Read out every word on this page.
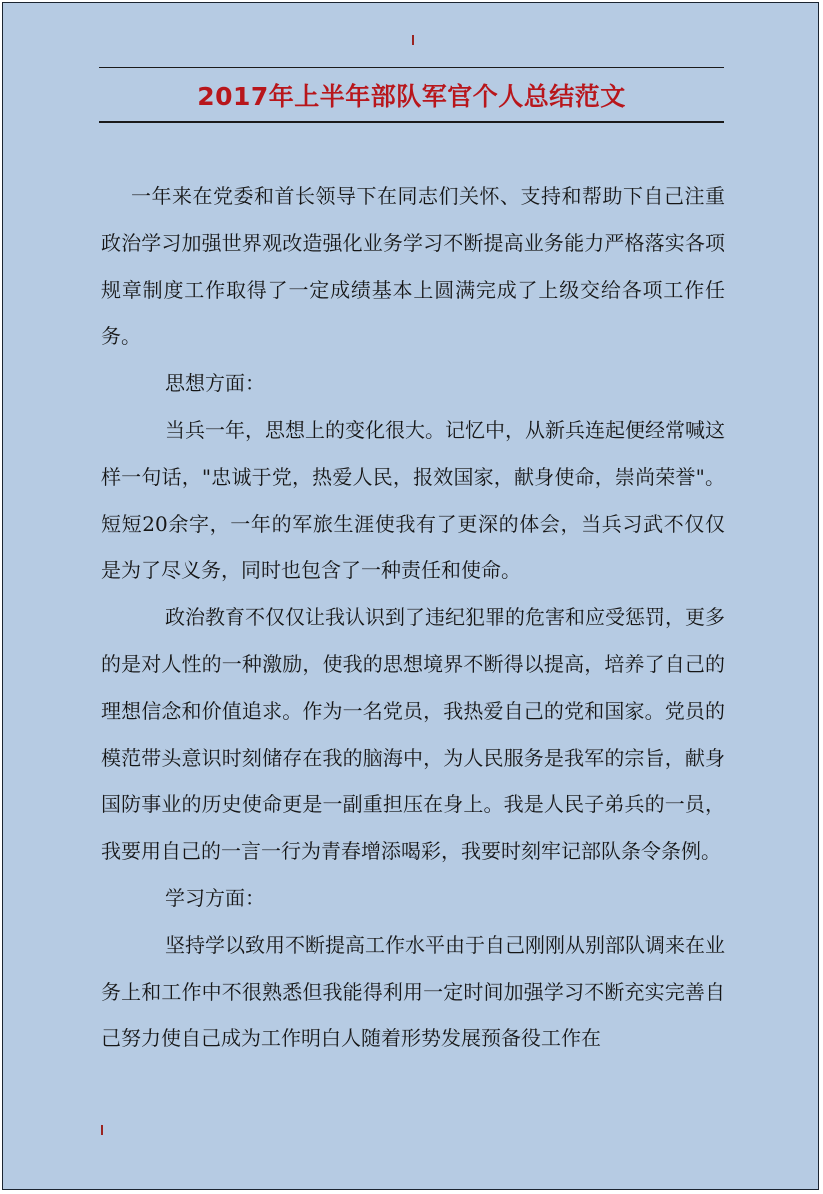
2017年上半年部队军官个人总结范文

一年来在党委和首长领导下在同志们关怀、支持和帮助下自己注重政治学习加强世界观改造强化业务学习不断提高业务能力严格落实各项规章制度工作取得了一定成绩基本上圆满完成了上级交给各项工作任务。

思想方面：

当兵一年，思想上的变化很大。记忆中，从新兵连起便经常喊这样一句话，"忠诚于党，热爱人民，报效国家，献身使命，崇尚荣誉"。短短20余字，一年的军旅生涯使我有了更深的体会，当兵习武不仅仅是为了尽义务，同时也包含了一种责任和使命。

政治教育不仅仅让我认识到了违纪犯罪的危害和应受惩罚，更多的是对人性的一种激励，使我的思想境界不断得以提高，培养了自己的理想信念和价值追求。作为一名党员，我热爱自己的党和国家。党员的模范带头意识时刻储存在我的脑海中，为人民服务是我军的宗旨，献身国防事业的历史使命更是一副重担压在身上。我是人民子弟兵的一员，我要用自己的一言一行为青春增添喝彩，我要时刻牢记部队条令条例。

学习方面：

坚持学以致用不断提高工作水平由于自己刚刚从别部队调来在业务上和工作中不很熟悉但我能得利用一定时间加强学习不断充实完善自己努力使自己成为工作明白人随着形势发展预备役工作在
